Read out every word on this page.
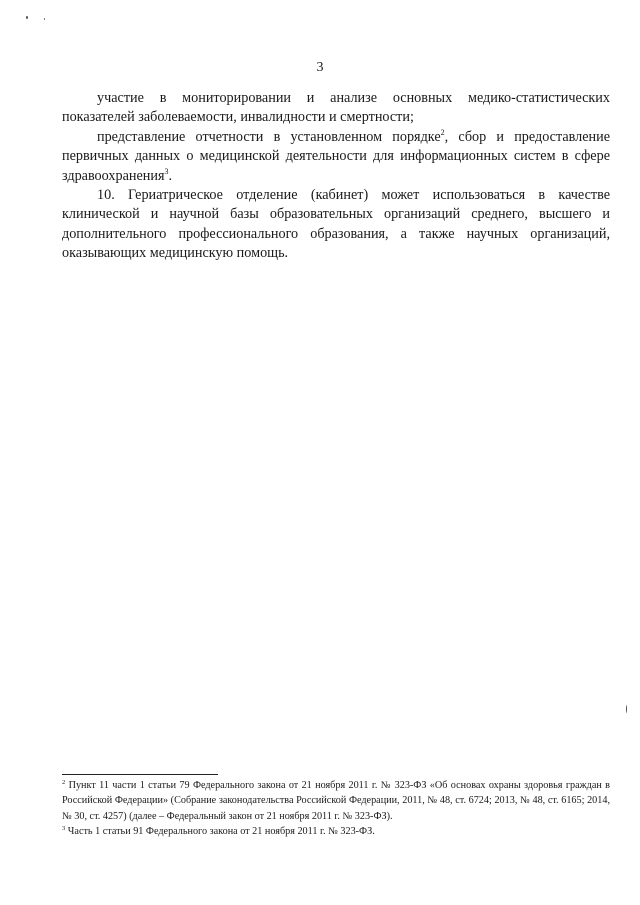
3

участие в мониторировании и анализе основных медико-статистических показателей заболеваемости, инвалидности и смертности;

представление отчетности в установленном порядке$^2$, сбор и предоставление первичных данных о медицинской деятельности для информационных систем в сфере здравоохранения$^3$.

10. Гериатрическое отделение (кабинет) может использоваться в качестве клинической и научной базы образовательных организаций среднего, высшего и дополнительного профессионального образования, а также научных организаций, оказывающих медицинскую помощь.

$^2$ Пункт 11 части 1 статьи 79 Федерального закона от 21 ноября 2011 г. № 323-ФЗ «Об основах охраны здоровья граждан в Российской Федерации» (Собрание законодательства Российской Федерации, 2011, № 48, ст. 6724; 2013, № 48, ст. 6165; 2014, № 30, ст. 4257) (далее – Федеральный закон от 21 ноября 2011 г. № 323-ФЗ).

$^3$ Часть 1 статьи 91 Федерального закона от 21 ноября 2011 г. № 323-ФЗ.
